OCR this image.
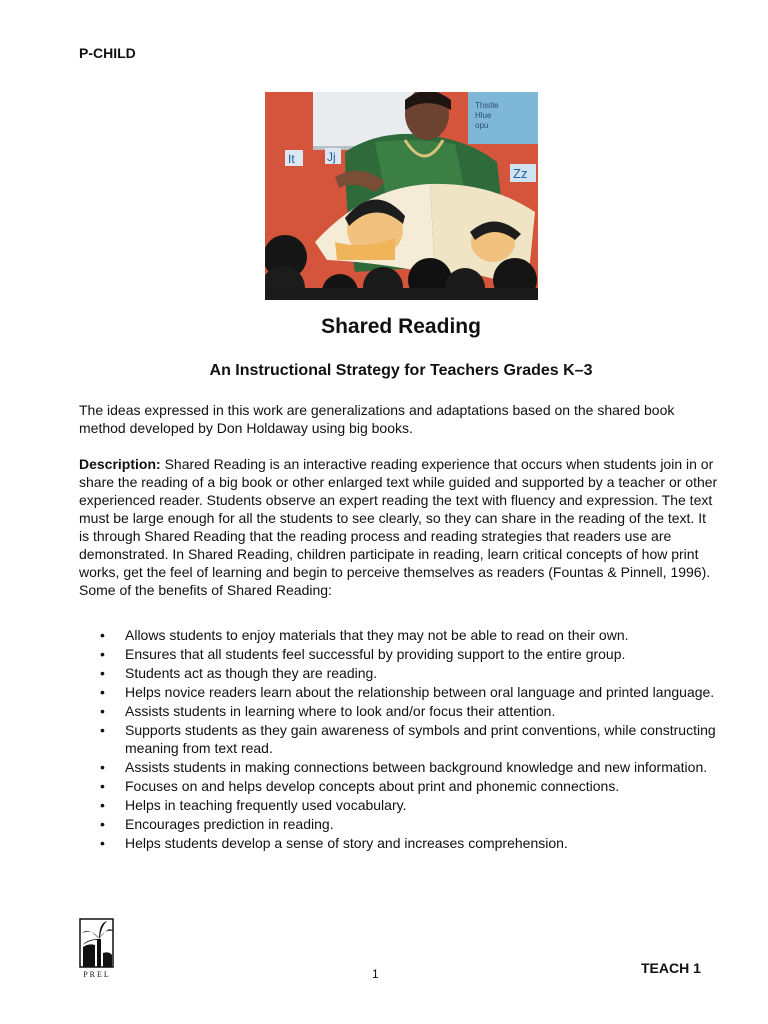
P-CHILD
Thistle
Hlue
opu
It	Jj
Zz
Shared Reading
An Instructional Strategy for Teachers Grades K–3

The ideas expressed in this work are generalizations and adaptations based on the shared book method developed by Don Holdaway using big books.

Description: Shared Reading is an interactive reading experience that occurs when students join in or share the reading of a big book or other enlarged text while guided and supported by a teacher or other experienced reader. Students observe an expert reading the text with fluency and expression. The text must be large enough for all the students to see clearly, so they can share in the reading of the text. It is through Shared Reading that the reading process and reading strategies that readers use are demonstrated. In Shared Reading, children participate in reading, learn critical concepts of how print works, get the feel of learning and begin to perceive themselves as readers (Fountas & Pinnell, 1996). Some of the benefits of Shared Reading:

• Allows students to enjoy materials that they may not be able to read on their own.
• Ensures that all students feel successful by providing support to the entire group.
• Students act as though they are reading.
• Helps novice readers learn about the relationship between oral language and printed language.
• Assists students in learning where to look and/or focus their attention.
• Supports students as they gain awareness of symbols and print conventions, while constructing meaning from text read.
• Assists students in making connections between background knowledge and new information.
• Focuses on and helps develop concepts about print and phonemic connections.
• Helps in teaching frequently used vocabulary.
• Encourages prediction in reading.
• Helps students develop a sense of story and increases comprehension.
PREL	1	TEACH 1
